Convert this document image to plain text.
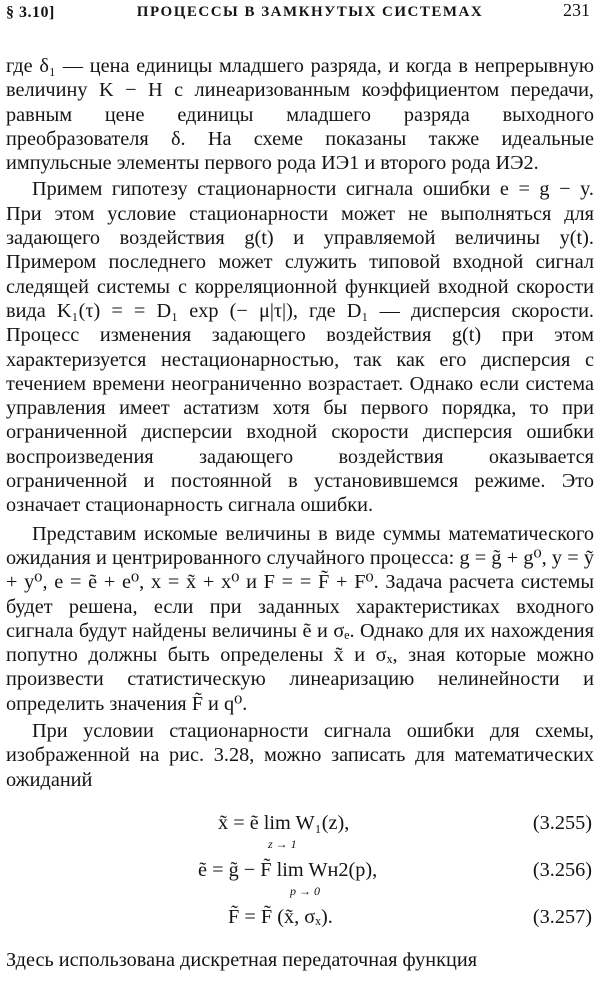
§ 3.10]	ПРОЦЕССЫ В ЗАМКНУТЫХ СИСТЕМАХ	231

где δ₁ — цена единицы младшего разряда, и когда в непрерывную величину K − H с линеаризованным коэффициентом передачи, равным цене единицы младшего разряда выходного преобразователя δ. На схеме показаны также идеальные импульсные элементы первого рода ИЭ1 и второго рода ИЭ2.

Примем гипотезу стационарности сигнала ошибки e = g − y. При этом условие стационарности может не выполняться для задающего воздействия g(t) и управляемой величины y(t). Примером последнего может служить типовой входной сигнал следящей системы с корреляционной функцией входной скорости вида K₁(τ) = = D₁ exp (− μ|τ|), где D₁ — дисперсия скорости. Процесс изменения задающего воздействия g(t) при этом характеризуется нестационарностью, так как его дисперсия с течением времени неограниченно возрастает. Однако если система управления имеет астатизм хотя бы первого порядка, то при ограниченной дисперсии входной скорости дисперсия ошибки воспроизведения задающего воздействия оказывается ограниченной и постоянной в установившемся режиме. Это означает стационарность сигнала ошибки.

Представим искомые величины в виде суммы математического ожидания и центрированного случайного процесса: g = g̃ + g⁰, y = ỹ + y⁰, e = ẽ + e⁰, x = x̃ + x⁰ и F = = F̃ + F⁰. Задача расчета системы будет решена, если при заданных характеристиках входного сигнала будут найдены величины ẽ и σₑ. Однако для их нахождения попутно должны быть определены x̃ и σₓ, зная которые можно произвести статистическую линеаризацию нелинейности и определить значения F̃ и q⁰.

При условии стационарности сигнала ошибки для схемы, изображенной на рис. 3.28, можно записать для математических ожиданий

x̃ = ẽ lim W₁(z),
z → 1
(3.255)
ẽ = g̃ − F̃ lim Wн2(p),
p → 0
(3.256)
F̃ = F̃ (x̃, σₓ).	(3.257)

Здесь использована дискретная передаточная функция
